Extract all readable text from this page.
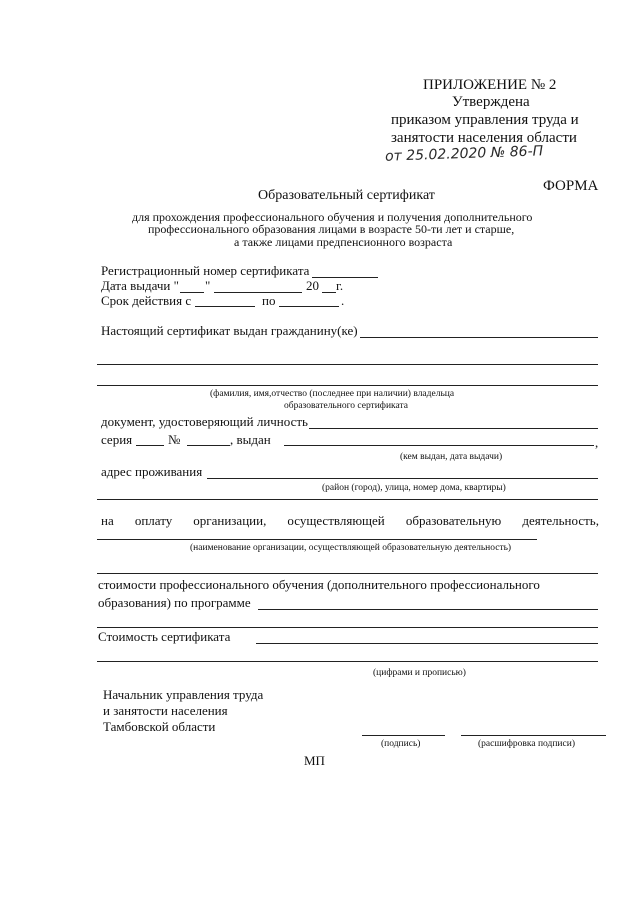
ПРИЛОЖЕНИЕ № 2
Утверждена
приказом управления труда и
занятости населения области
от 25.02.2020 № 86-П
ФОРМА
Образовательный сертификат
для прохождения профессионального обучения и получения дополнительного
профессионального образования лицами в возрасте 50-ти лет и старше,
а также лицами предпенсионного возраста
Регистрационный номер сертификата
Дата выдачи " "	20 г.
Срок действия с	по	.
Настоящий сертификат выдан гражданину(ке)
(фамилия, имя,отчество (последнее при наличии) владельца
образовательного сертификата
документ, удостоверяющий личность
серия	№	, выдан	,
(кем выдан, дата выдачи)
адрес проживания
(район (город), улица, номер дома, квартиры)
на оплату организации, осуществляющей образовательную деятельность,
(наименование организации, осуществляющей образовательную деятельность)
стоимости профессионального обучения (дополнительного профессионального
образования) по программе
Стоимость сертификата
(цифрами и прописью)
Начальник управления труда
и занятости населения
Тамбовской области
(подпись)	(расшифровка подписи)
МП
